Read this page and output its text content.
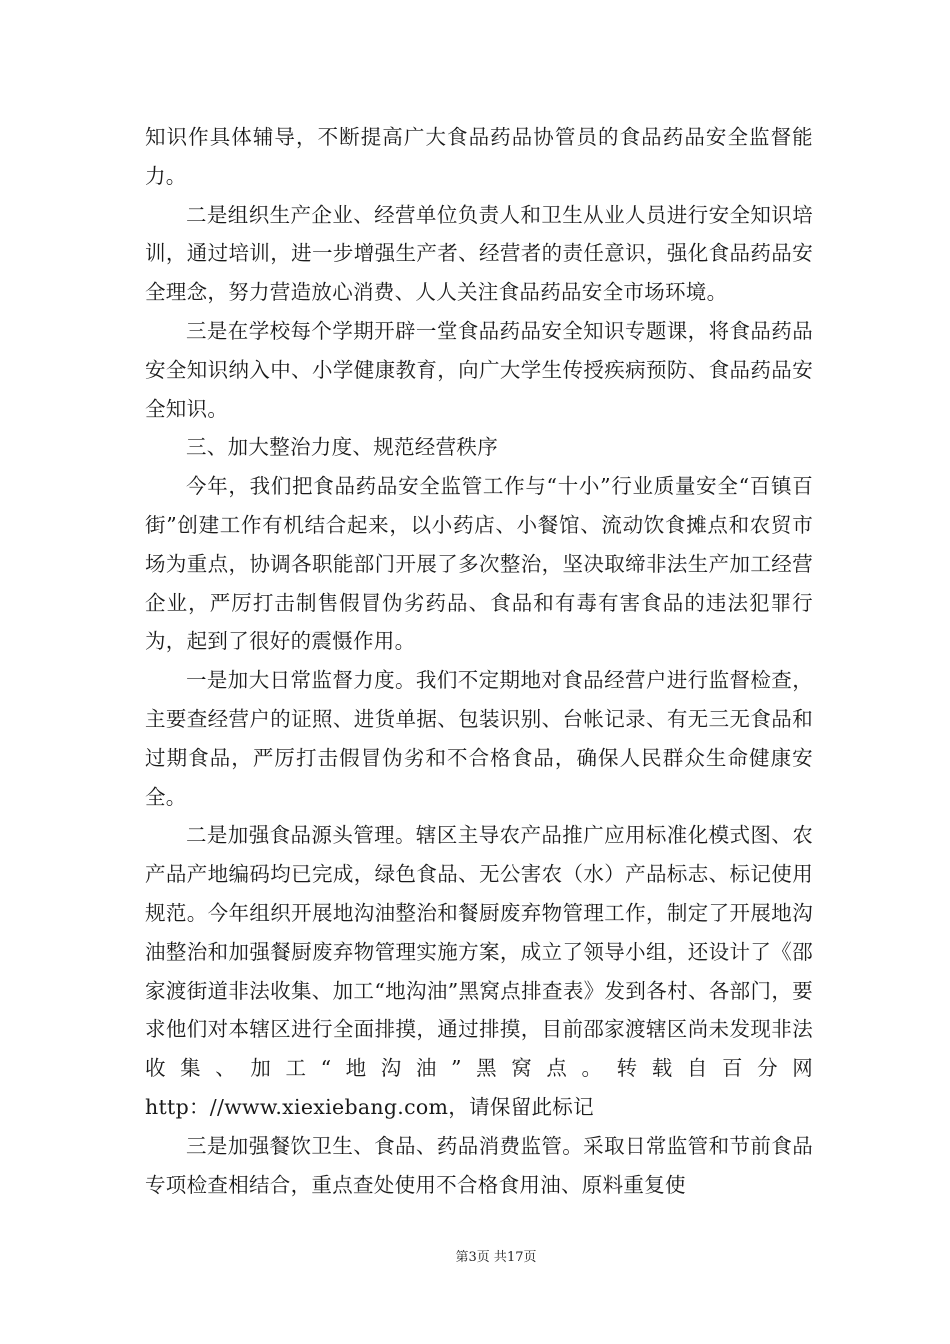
知识作具体辅导，不断提高广大食品药品协管员的食品药品安全监督能力。

二是组织生产企业、经营单位负责人和卫生从业人员进行安全知识培训，通过培训，进一步增强生产者、经营者的责任意识，强化食品药品安全理念，努力营造放心消费、人人关注食品药品安全市场环境。

三是在学校每个学期开辟一堂食品药品安全知识专题课，将食品药品安全知识纳入中、小学健康教育，向广大学生传授疾病预防、食品药品安全知识。

三、加大整治力度、规范经营秩序

今年，我们把食品药品安全监管工作与“十小”行业质量安全“百镇百街”创建工作有机结合起来，以小药店、小餐馆、流动饮食摊点和农贸市场为重点，协调各职能部门开展了多次整治，坚决取缔非法生产加工经营企业，严厉打击制售假冒伪劣药品、食品和有毒有害食品的违法犯罪行为，起到了很好的震慑作用。

一是加大日常监督力度。我们不定期地对食品经营户进行监督检查，主要查经营户的证照、进货单据、包装识别、台帐记录、有无三无食品和过期食品，严厉打击假冒伪劣和不合格食品，确保人民群众生命健康安全。

二是加强食品源头管理。辖区主导农产品推广应用标准化模式图、农产品产地编码均已完成，绿色食品、无公害农（水）产品标志、标记使用规范。今年组织开展地沟油整治和餐厨废弃物管理工作，制定了开展地沟油整治和加强餐厨废弃物管理实施方案，成立了领导小组，还设计了《邵家渡街道非法收集、加工“地沟油”黑窝点排查表》发到各村、各部门，要求他们对本辖区进行全面排摸，通过排摸，目前邵家渡辖区尚未发现非法收集、加工“地沟油”黑窝点。转载自百分网http：//www.xiexiebang.com，请保留此标记

三是加强餐饮卫生、食品、药品消费监管。采取日常监管和节前食品专项检查相结合，重点查处使用不合格食用油、原料重复使

第3页 共17页
